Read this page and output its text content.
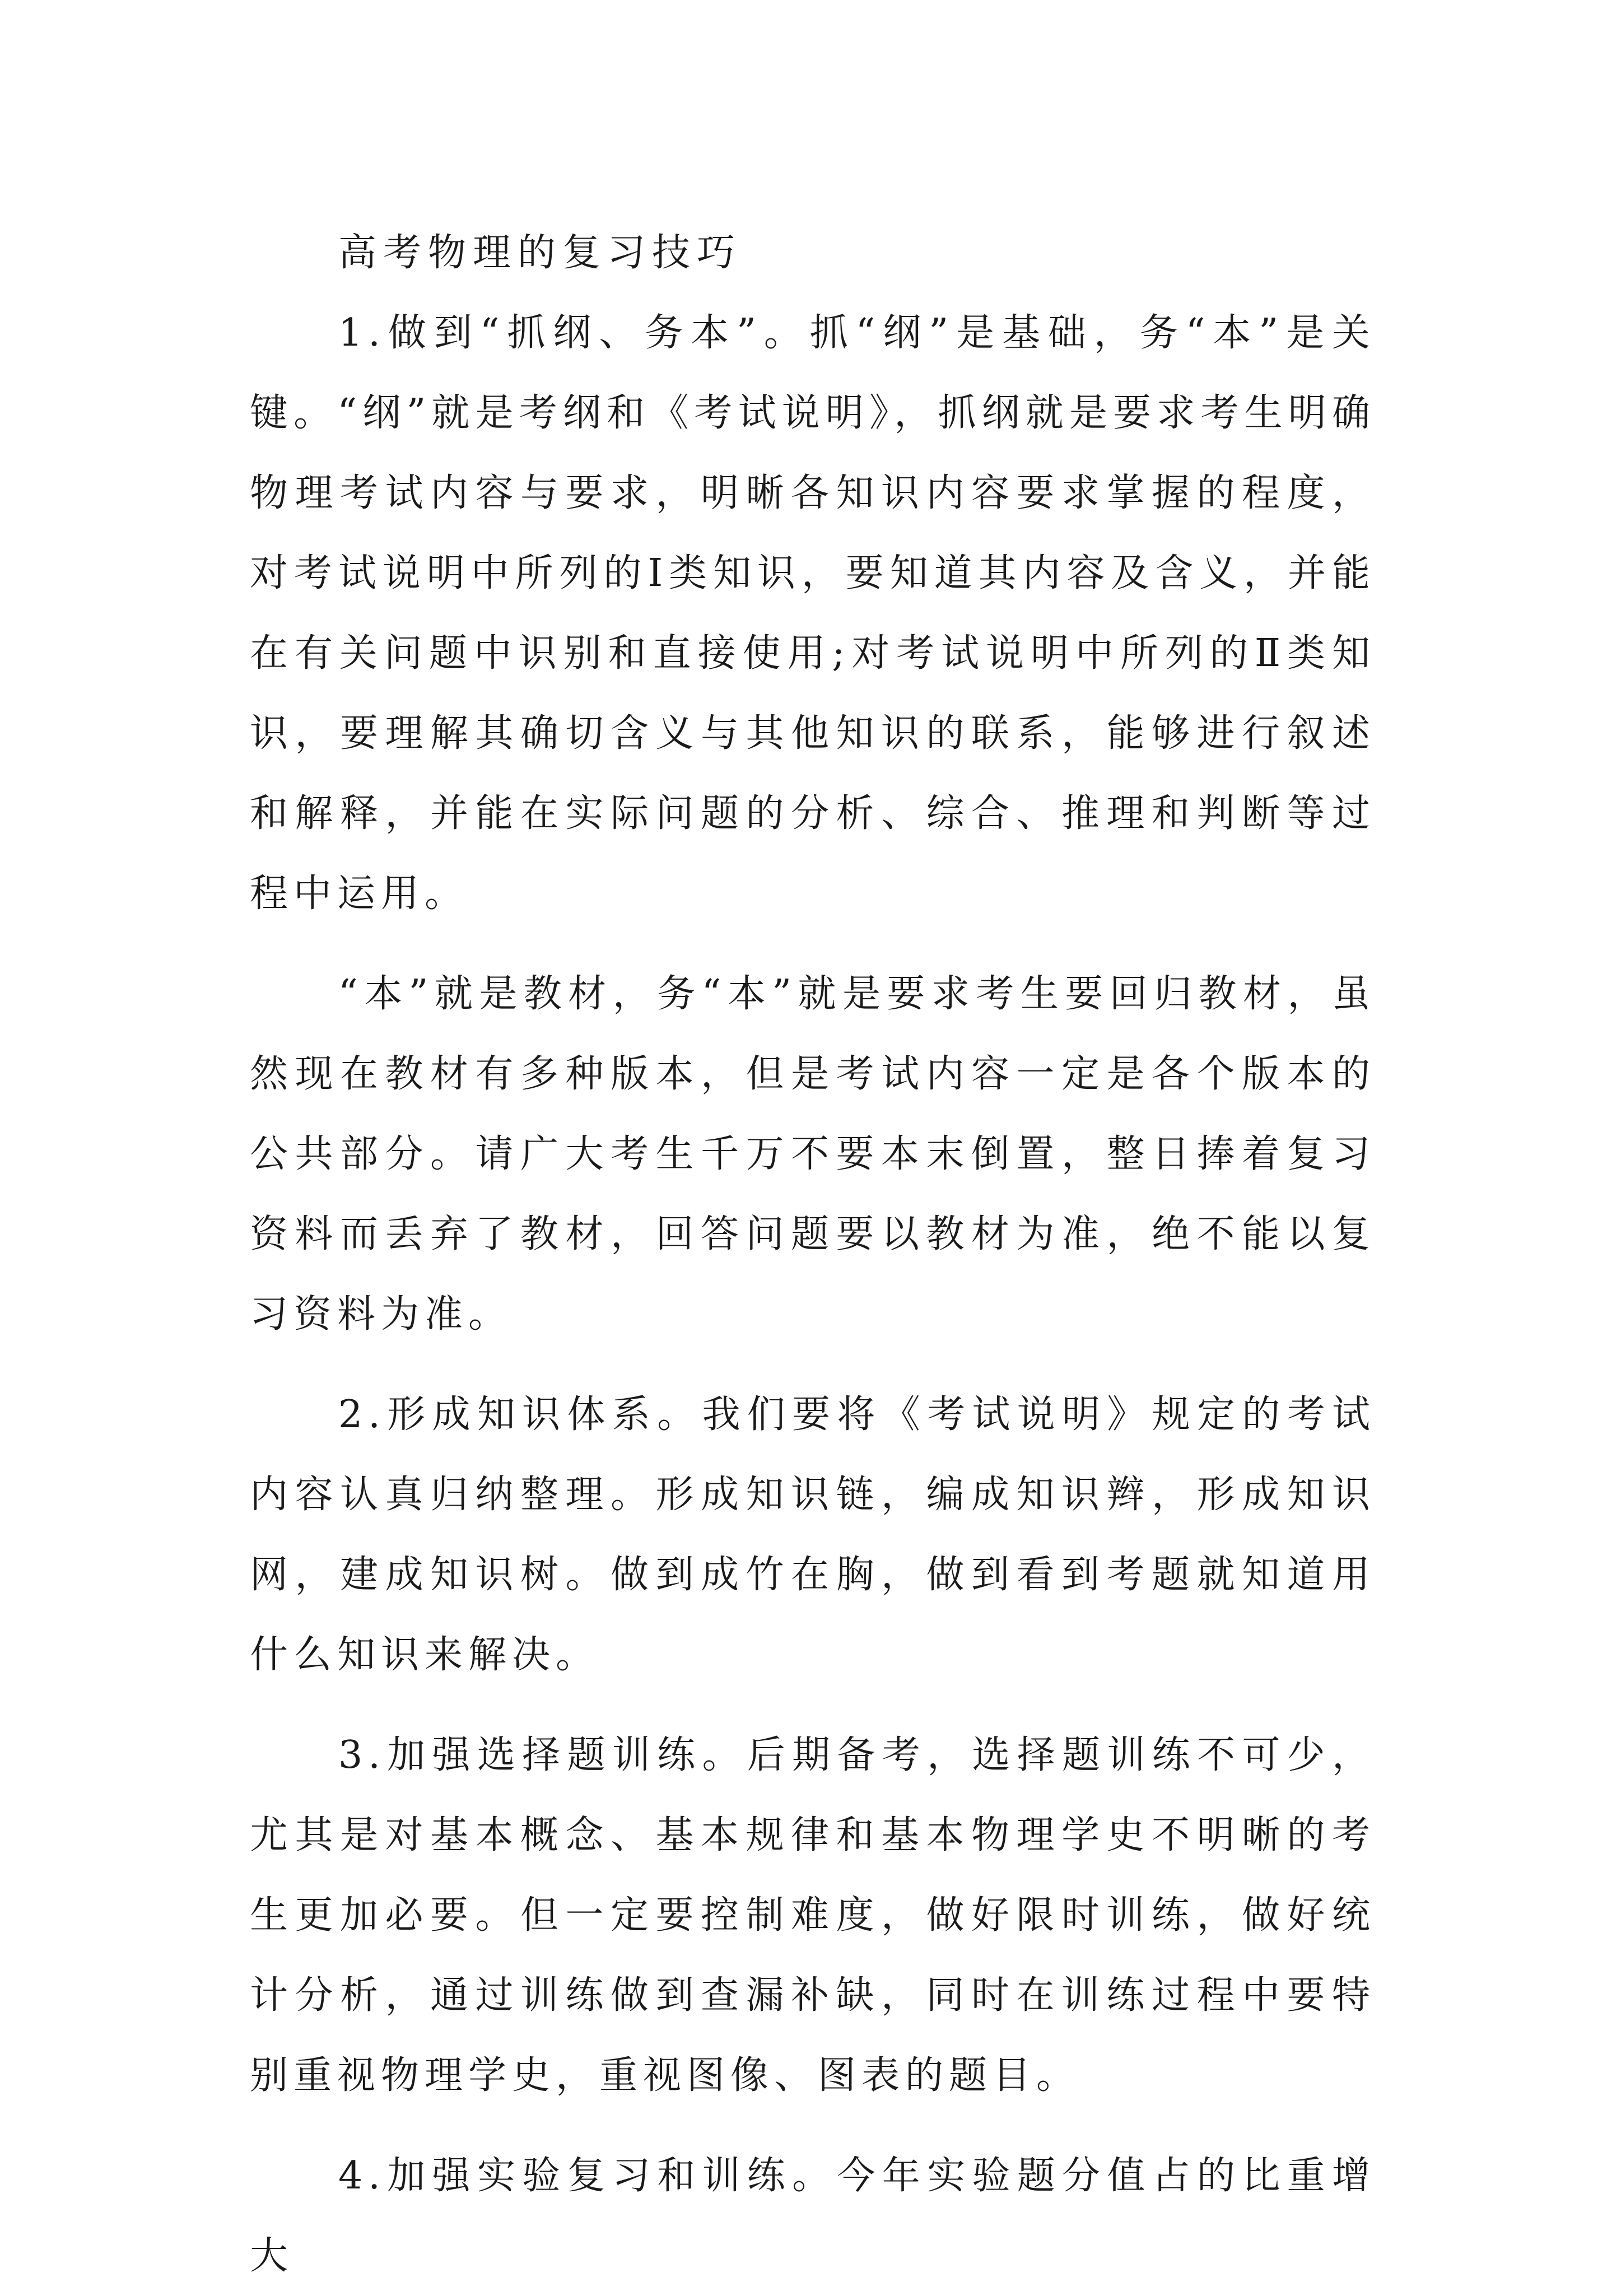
高考物理的复习技巧

1.做到“抓纲、务本”。抓“纲”是基础，务“本”是关键。“纲”就是考纲和《考试说明》，抓纲就是要求考生明确物理考试内容与要求，明晰各知识内容要求掌握的程度，对考试说明中所列的Ⅰ类知识，要知道其内容及含义，并能在有关问题中识别和直接使用;对考试说明中所列的Ⅱ类知识，要理解其确切含义与其他知识的联系，能够进行叙述和解释，并能在实际问题的分析、综合、推理和判断等过程中运用。

“本”就是教材，务“本”就是要求考生要回归教材，虽然现在教材有多种版本，但是考试内容一定是各个版本的公共部分。请广大考生千万不要本末倒置，整日捧着复习资料而丢弃了教材，回答问题要以教材为准，绝不能以复习资料为准。

2.形成知识体系。我们要将《考试说明》规定的考试内容认真归纳整理。形成知识链，编成知识辫，形成知识网，建成知识树。做到成竹在胸，做到看到考题就知道用什么知识来解决。

3.加强选择题训练。后期备考，选择题训练不可少，尤其是对基本概念、基本规律和基本物理学史不明晰的考生更加必要。但一定要控制难度，做好限时训练，做好统计分析，通过训练做到查漏补缺，同时在训练过程中要特别重视物理学史，重视图像、图表的题目。

4.加强实验复习和训练。今年实验题分值占的比重增大
